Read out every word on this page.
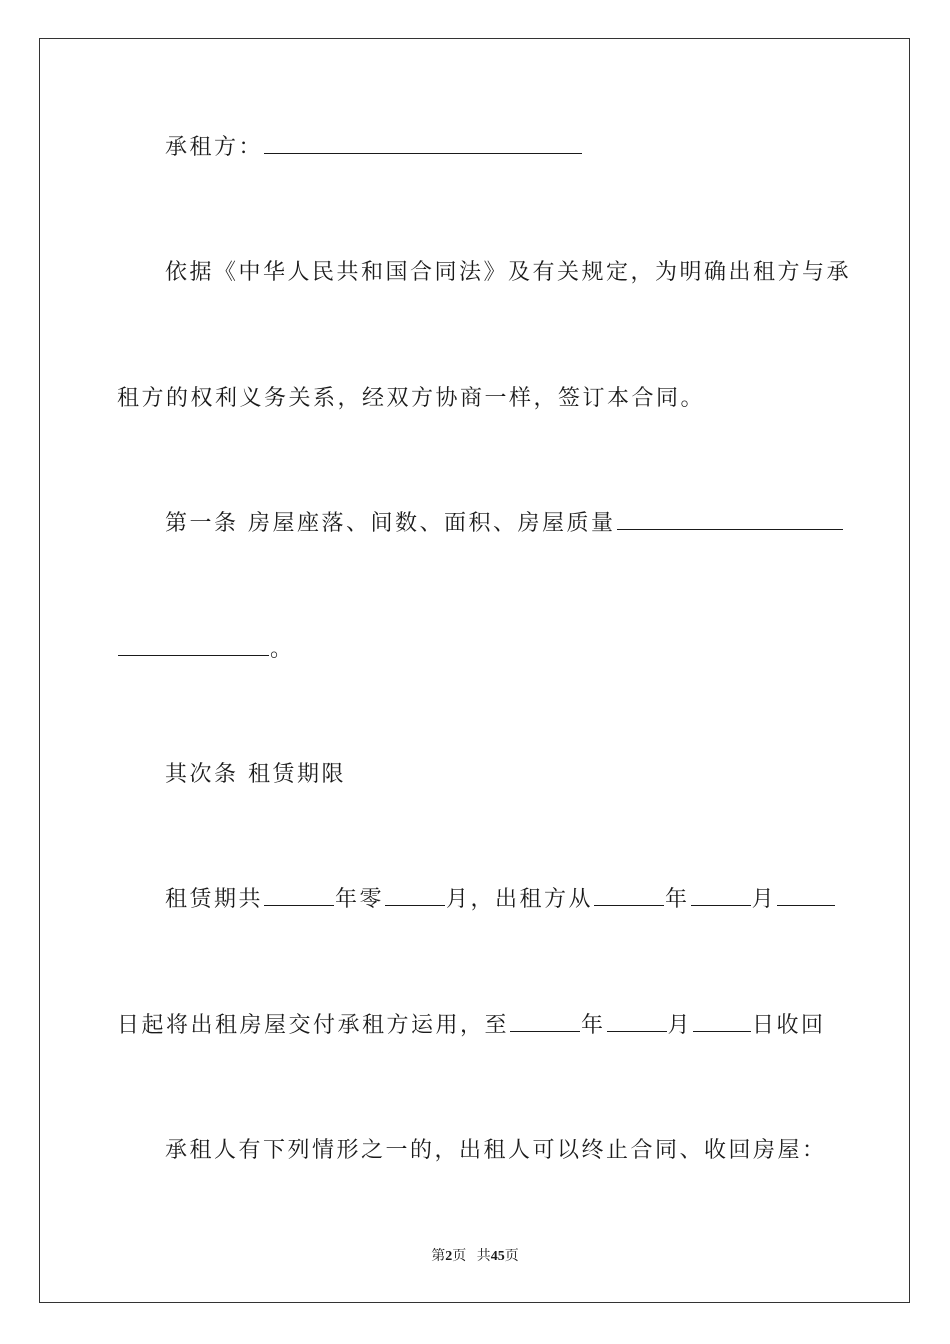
承租方：
依据《中华人民共和国合同法》及有关规定，为明确出租方与承
租方的权利义务关系，经双方协商一样，签订本合同。
第一条 房屋座落、间数、面积、房屋质量
。
其次条 租赁期限
租赁期共	年零	月，出租方从	年	月
日起将出租房屋交付承租方运用，至	年	月	日收回
承租人有下列情形之一的，出租人可以终止合同、收回房屋：
第2页 共45页
